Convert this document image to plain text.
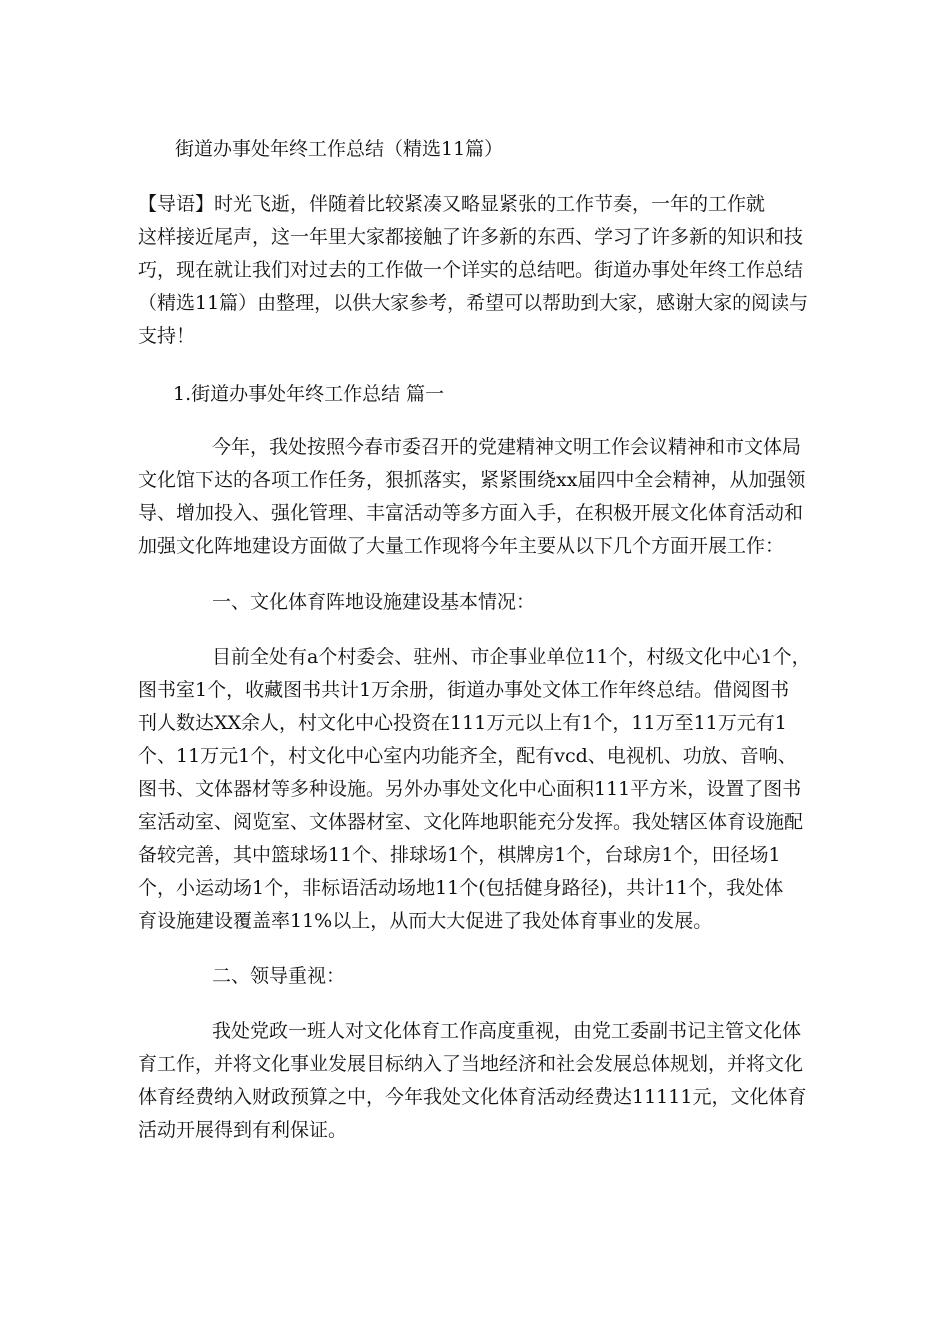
街道办事处年终工作总结（精选11篇）
【导语】时光飞逝，伴随着比较紧凑又略显紧张的工作节奏，一年的工作就
这样接近尾声，这一年里大家都接触了许多新的东西、学习了许多新的知识和技
巧，现在就让我们对过去的工作做一个详实的总结吧。街道办事处年终工作总结
（精选11篇）由整理，以供大家参考，希望可以帮助到大家，感谢大家的阅读与
支持！
1.街道办事处年终工作总结 篇一
今年，我处按照今春市委召开的党建精神文明工作会议精神和市文体局
文化馆下达的各项工作任务，狠抓落实，紧紧围绕xx届四中全会精神，从加强领
导、增加投入、强化管理、丰富活动等多方面入手，在积极开展文化体育活动和
加强文化阵地建设方面做了大量工作现将今年主要从以下几个方面开展工作：
一、文化体育阵地设施建设基本情况：
目前全处有a个村委会、驻州、市企事业单位11个，村级文化中心1个，
图书室1个，收藏图书共计1万余册，街道办事处文体工作年终总结。借阅图书
刊人数达XX余人，村文化中心投资在111万元以上有1个，11万至11万元有1
个、11万元1个，村文化中心室内功能齐全，配有vcd、电视机、功放、音响、
图书、文体器材等多种设施。另外办事处文化中心面积111平方米，设置了图书
室活动室、阅览室、文体器材室、文化阵地职能充分发挥。我处辖区体育设施配
备较完善，其中篮球场11个、排球场1个，棋牌房1个，台球房1个，田径场1
个，小运动场1个，非标语活动场地11个(包括健身路径)，共计11个，我处体
育设施建设覆盖率11%以上，从而大大促进了我处体育事业的发展。
二、领导重视：
我处党政一班人对文化体育工作高度重视，由党工委副书记主管文化体
育工作，并将文化事业发展目标纳入了当地经济和社会发展总体规划，并将文化
体育经费纳入财政预算之中，今年我处文化体育活动经费达11111元，文化体育
活动开展得到有利保证。
